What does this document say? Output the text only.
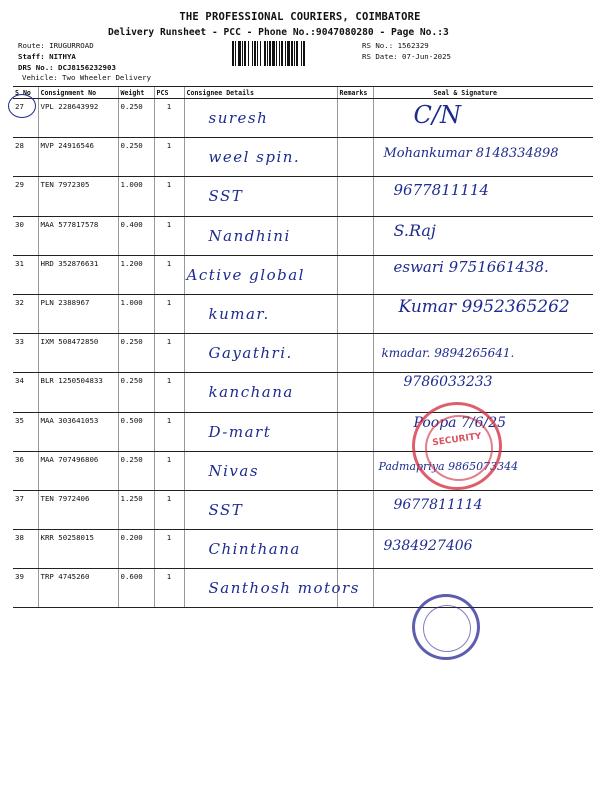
THE PROFESSIONAL COURIERS, COIMBATORE
Delivery Runsheet - PCC - Phone No.:9047080280 - Page No.:3
Route: IRUGURROAD
Staff: NITHYA
DRS No.: DCJ8156232903
Vehicle: Two Wheeler Delivery
RS No.: 1562329
RS Date: 07-Jun-2025
S No	Consignment No	Weight	PCS	Consignee Details	Remarks	Seal & Signature
27	VPL 228643992	0.250	1	suresh		C/N

28	MVP 24916546	0.250	1	weel spin.		Mohankumar 8148334898

29	TEN 7972305	1.000	1	SST		9677811114

30	MAA 577817578	0.400	1	Nandhini		S.Raj

31	HRD 352876631	1.200	1	Active global		eswari 9751661438.

32	PLN 2388967	1.000	1	kumar.		Kumar 9952365262

33	IXM 508472850	0.250	1	Gayathri.		kmadar. 9894265641.

34	BLR 1250504833	0.250	1	kanchana		9786033233

35	MAA 303641053	0.500	1	D-mart		Poopa 7/6/25

36	MAA 707496806	0.250	1	Nivas		Padmapriya 9865073344

37	TEN 7972406	1.250	1	SST		9677811114

38	KRR 50258015	0.200	1	Chinthana		9384927406

39	TRP 4745260	0.600	1	Santhosh motors		

SECURITY
